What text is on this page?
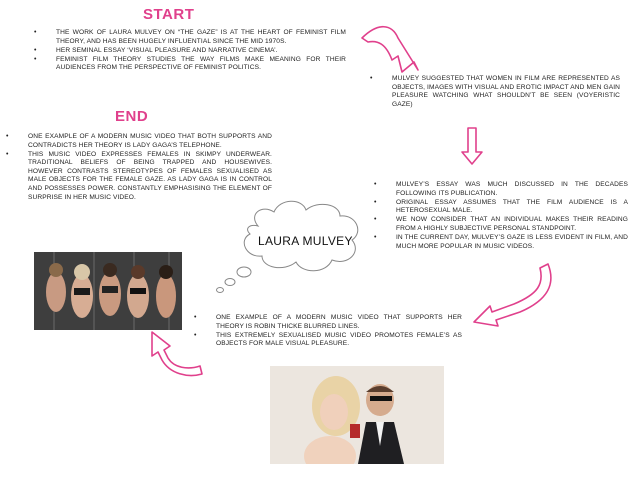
START
END
• THE WORK OF LAURA MULVEY ON “THE GAZE” IS AT THE HEART OF FEMINIST FILM THEORY, AND HAS BEEN HUGELY INFLUENTIAL SINCE THE MID 1970S.
• HER SEMINAL ESSAY ‘VISUAL PLEASURE AND NARRATIVE CINEMA’.
• FEMINIST FILM THEORY STUDIES THE WAY FILMS MAKE MEANING FOR THEIR AUDIENCES FROM THE PERSPECTIVE OF FEMINIST POLITICS.
• MULVEY SUGGESTED THAT WOMEN IN FILM ARE REPRESENTED AS OBJECTS, IMAGES WITH VISUAL AND EROTIC IMPACT AND MEN GAIN PLEASURE WATCHING WHAT SHOULDN’T BE SEEN (VOYERISTIC GAZE)
• ONE EXAMPLE OF A MODERN MUSIC VIDEO THAT BOTH SUPPORTS AND CONTRADICTS HER THEORY IS LADY GAGA’S TELEPHONE.
• THIS MUSIC VIDEO EXPRESSES FEMALES IN SKIMPY UNDERWEAR. TRADITIONAL BELIEFS OF BEING TRAPPED AND HOUSEWIVES. HOWEVER CONTRASTS STEREOTYPES OF FEMALES SEXUALISED AS MALE OBJECTS FOR THE FEMALE GAZE. AS LADY GAGA IS IN CONTROL AND POSSESSES POWER. CONSTANTLY EMPHASISING THE ELEMENT OF SURPRISE IN HER MUSIC VIDEO.
• MULVEY’S ESSAY WAS MUCH DISCUSSED IN THE DECADES FOLLOWING ITS PUBLICATION.
• ORIGINAL ESSAY ASSUMES THAT THE FILM AUDIENCE IS A HETEROSEXUAL MALE.
• WE NOW CONSIDER THAT AN INDIVIDUAL MAKES THEIR READING FROM A HIGHLY SUBJECTIVE PERSONAL STANDPOINT.
• IN THE CURRENT DAY, MULVEY’S GAZE IS LESS EVIDENT IN FILM, AND MUCH MORE POPULAR IN MUSIC VIDEOS.
• ONE EXAMPLE OF A MODERN MUSIC VIDEO THAT SUPPORTS HER THEORY IS ROBIN THICKE BLURRED LINES.
• THIS EXTREMELY SEXUALISED MUSIC VIDEO PROMOTES FEMALE’S AS OBJECTS FOR MALE VISUAL PLEASURE.
LAURA MULVEY
